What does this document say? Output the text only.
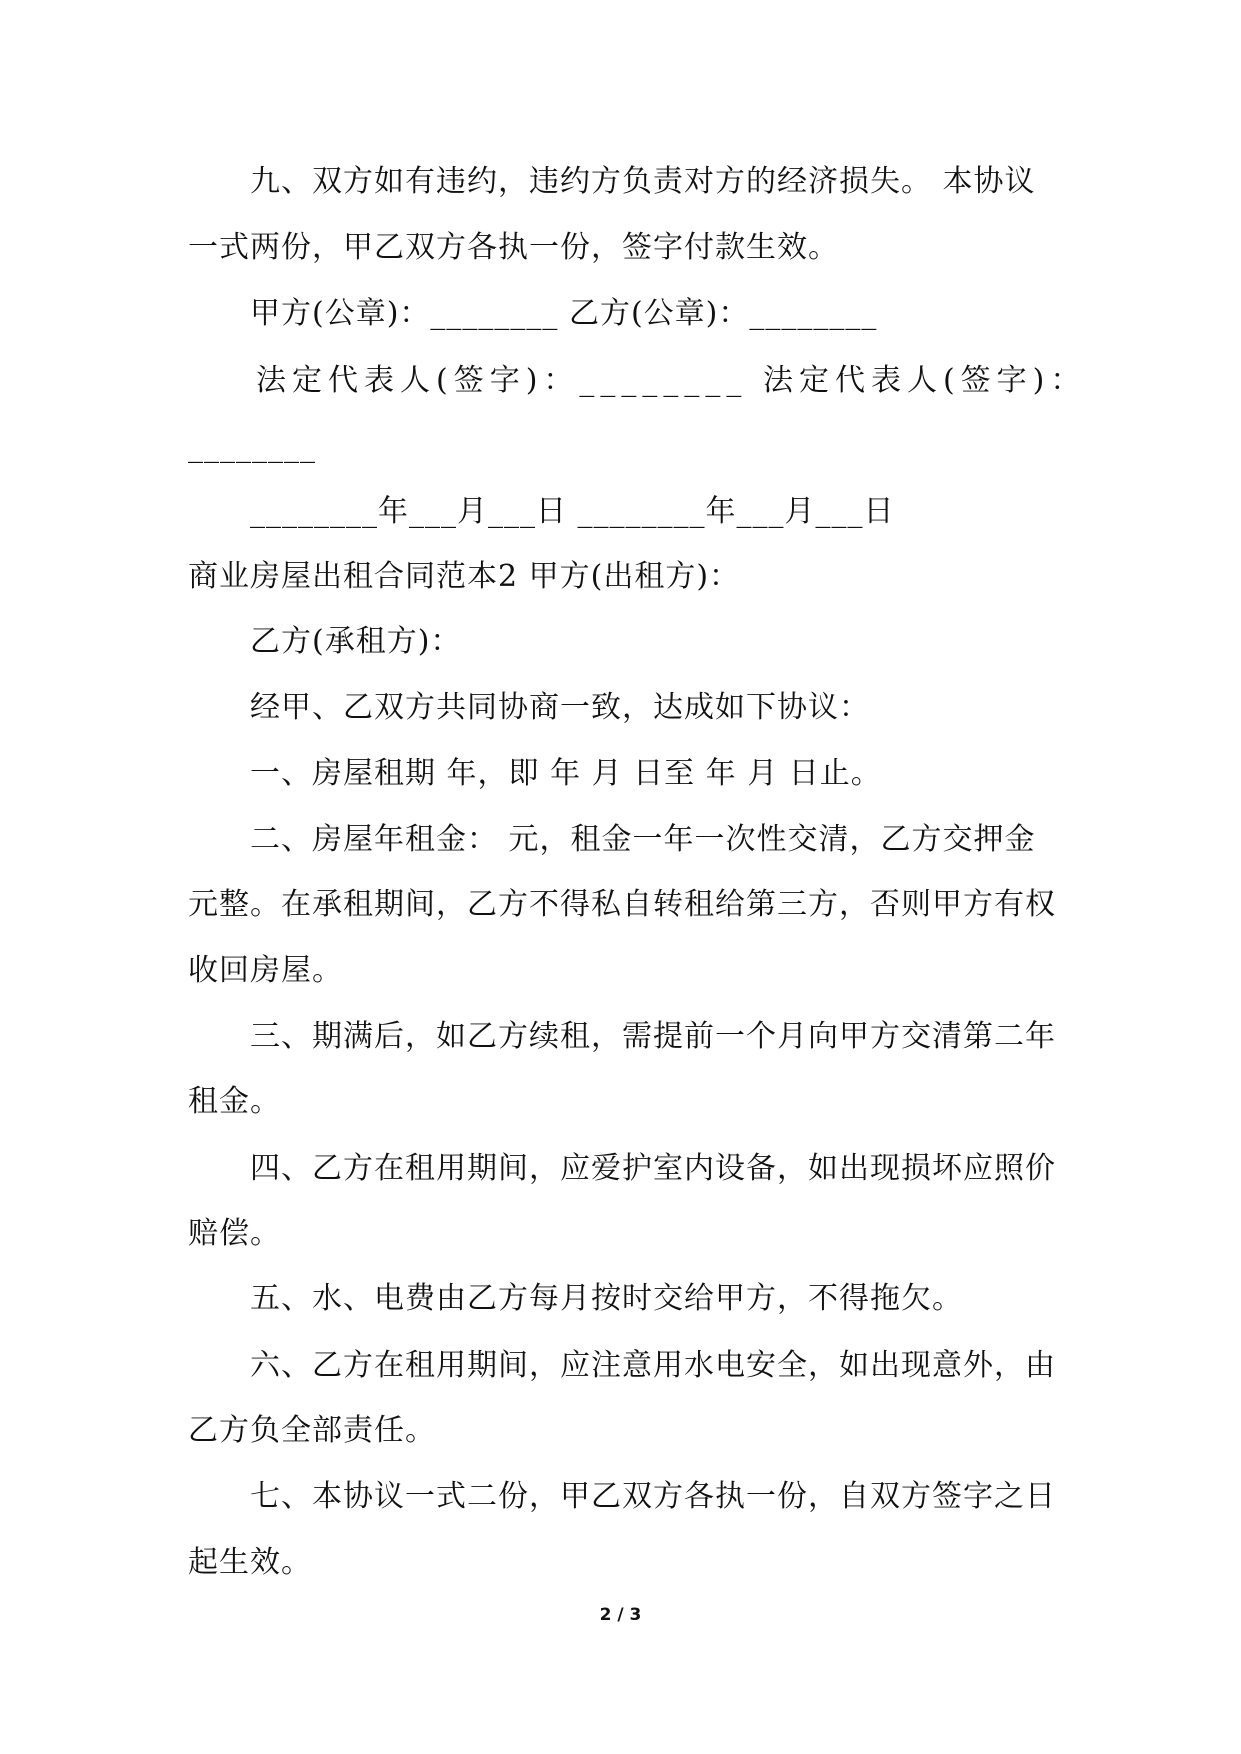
九、双方如有违约，违约方负责对方的经济损失。 本协议
一式两份，甲乙双方各执一份，签字付款生效。
甲方(公章)：________ 乙方(公章)：________
法定代表人(签字)：________ 法定代表人(签字)：
________
________年___月___日 ________年___月___日
商业房屋出租合同范本2 甲方(出租方)：
乙方(承租方)：
经甲、乙双方共同协商一致，达成如下协议：
一、房屋租期 年，即 年 月 日至 年 月 日止。
二、房屋年租金： 元，租金一年一次性交清，乙方交押金
元整。在承租期间，乙方不得私自转租给第三方，否则甲方有权
收回房屋。
三、期满后，如乙方续租，需提前一个月向甲方交清第二年
租金。
四、乙方在租用期间，应爱护室内设备，如出现损坏应照价
赔偿。
五、水、电费由乙方每月按时交给甲方，不得拖欠。
六、乙方在租用期间，应注意用水电安全，如出现意外，由
乙方负全部责任。
七、本协议一式二份，甲乙双方各执一份，自双方签字之日
起生效。
2 / 3
